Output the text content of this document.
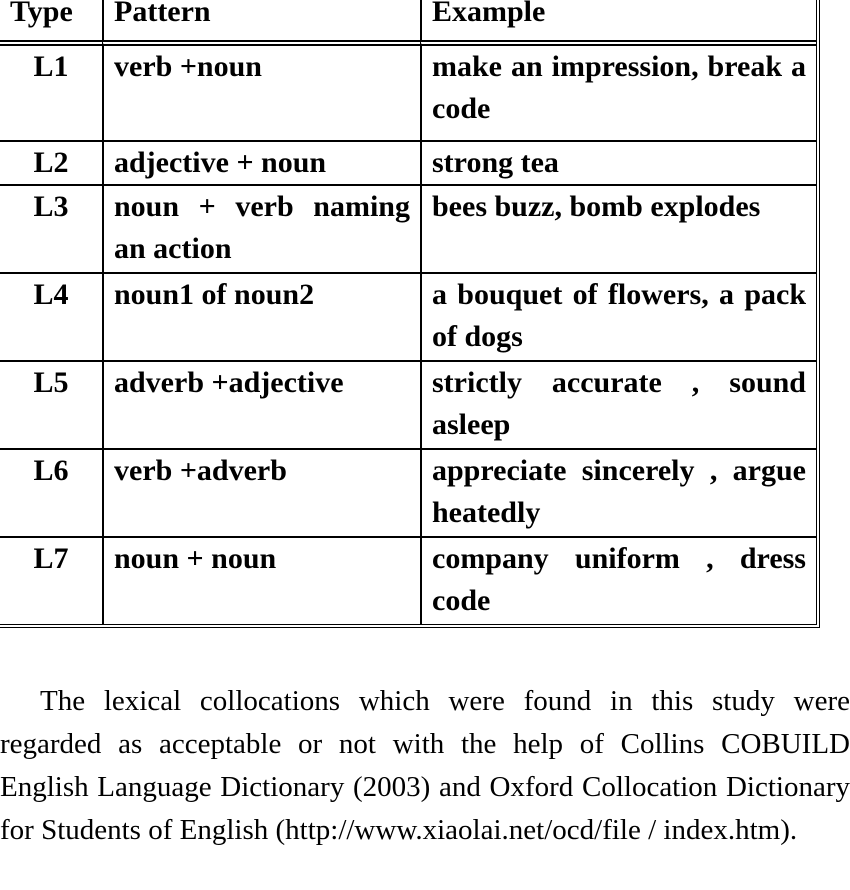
Type	Pattern	Example
L1	verb +noun	make an impression, break a code
L2	adjective + noun	strong tea
L3	noun + verb naming an action	bees buzz, bomb explodes
L4	noun1 of noun2	a bouquet of flowers, a pack of dogs
L5	adverb +adjective	strictly accurate , sound asleep
L6	verb +adverb	appreciate sincerely , argue heatedly
L7	noun + noun	company uniform , dress code

The lexical collocations which were found in this study were regarded as acceptable or not with the help of Collins COBUILD English Language Dictionary (2003) and Oxford Collocation Dictionary for Students of English (http://www.xiaolai.net/ocd/file / index.htm).
